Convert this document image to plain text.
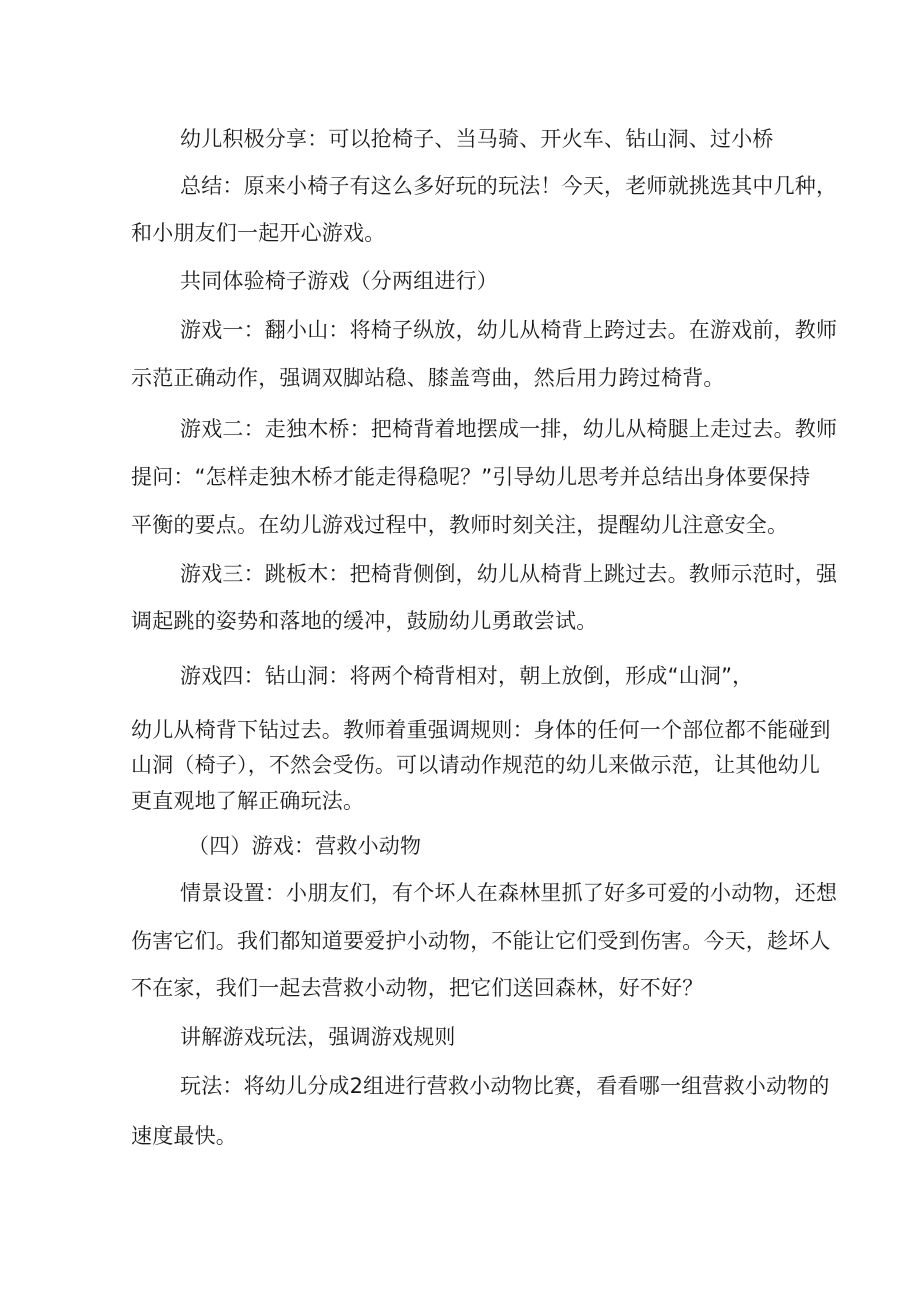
幼儿积极分享：可以抢椅子、当马骑、开火车、钻山洞、过小桥
总结：原来小椅子有这么多好玩的玩法！今天，老师就挑选其中几种，
和小朋友们一起开心游戏。
共同体验椅子游戏（分两组进行）
游戏一：翻小山：将椅子纵放，幼儿从椅背上跨过去。在游戏前，教师
示范正确动作，强调双脚站稳、膝盖弯曲，然后用力跨过椅背。
游戏二：走独木桥：把椅背着地摆成一排，幼儿从椅腿上走过去。教师
提问：“怎样走独木桥才能走得稳呢？”引导幼儿思考并总结出身体要保持
平衡的要点。在幼儿游戏过程中，教师时刻关注，提醒幼儿注意安全。
游戏三：跳板木：把椅背侧倒，幼儿从椅背上跳过去。教师示范时，强
调起跳的姿势和落地的缓冲，鼓励幼儿勇敢尝试。
游戏四：钻山洞：将两个椅背相对，朝上放倒，形成“山洞”，
幼儿从椅背下钻过去。教师着重强调规则：身体的任何一个部位都不能碰到
山洞（椅子），不然会受伤。可以请动作规范的幼儿来做示范，让其他幼儿
更直观地了解正确玩法。
（四）游戏：营救小动物
情景设置：小朋友们，有个坏人在森林里抓了好多可爱的小动物，还想
伤害它们。我们都知道要爱护小动物，不能让它们受到伤害。今天，趁坏人
不在家，我们一起去营救小动物，把它们送回森林，好不好？
讲解游戏玩法，强调游戏规则
玩法：将幼儿分成2组进行营救小动物比赛，看看哪一组营救小动物的
速度最快。
